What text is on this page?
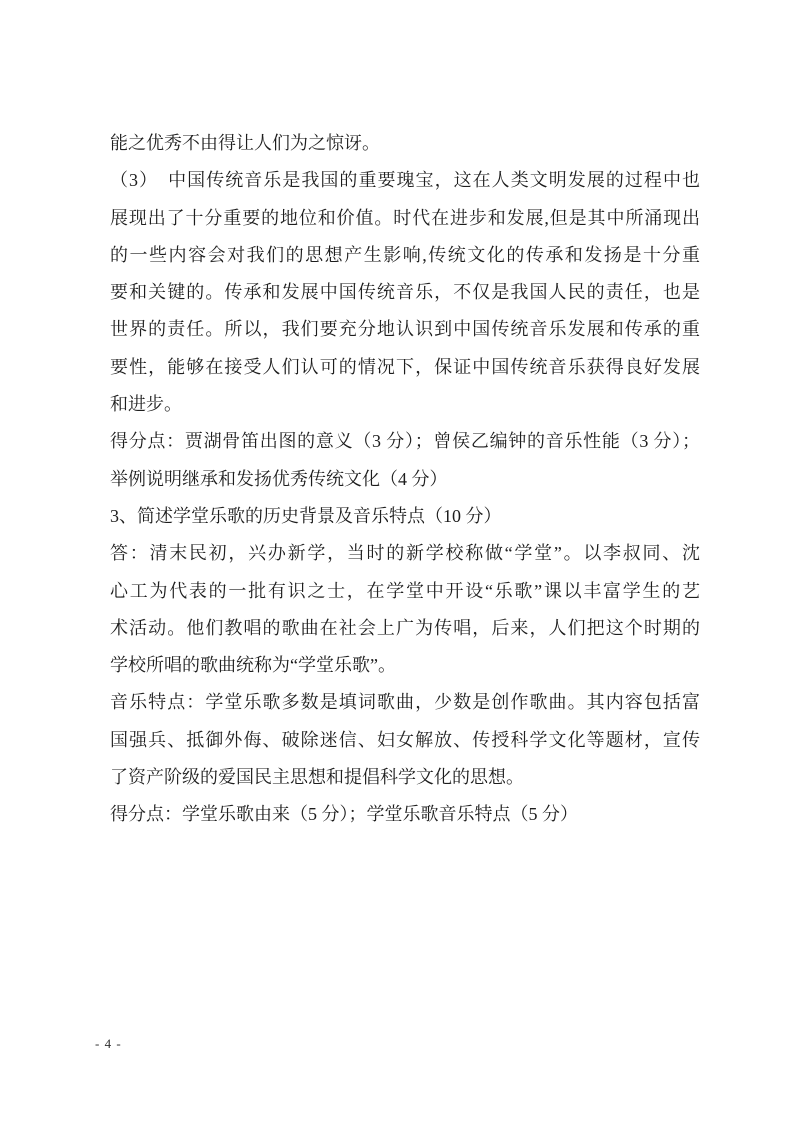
能之优秀不由得让人们为之惊讶。

（3）　中国传统音乐是我国的重要瑰宝，这在人类文明发展的过程中也

展现出了十分重要的地位和价值。时代在进步和发展,但是其中所涌现出

的一些内容会对我们的思想产生影响,传统文化的传承和发扬是十分重

要和关键的。传承和发展中国传统音乐，不仅是我国人民的责任，也是

世界的责任。所以，我们要充分地认识到中国传统音乐发展和传承的重

要性，能够在接受人们认可的情况下，保证中国传统音乐获得良好发展

和进步。

得分点：贾湖骨笛出图的意义（3 分）；曾侯乙编钟的音乐性能（3 分）；

举例说明继承和发扬优秀传统文化（4 分）

3、简述学堂乐歌的历史背景及音乐特点（10 分）

答：清末民初，兴办新学，当时的新学校称做“学堂”。以李叔同、沈

心工为代表的一批有识之士，在学堂中开设“乐歌”课以丰富学生的艺

术活动。他们教唱的歌曲在社会上广为传唱，后来，人们把这个时期的

学校所唱的歌曲统称为“学堂乐歌”。

音乐特点：学堂乐歌多数是填词歌曲，少数是创作歌曲。其内容包括富

国强兵、抵御外侮、破除迷信、妇女解放、传授科学文化等题材，宣传

了资产阶级的爱国民主思想和提倡科学文化的思想。

得分点：学堂乐歌由来（5 分）；学堂乐歌音乐特点（5 分）

- 4 -
